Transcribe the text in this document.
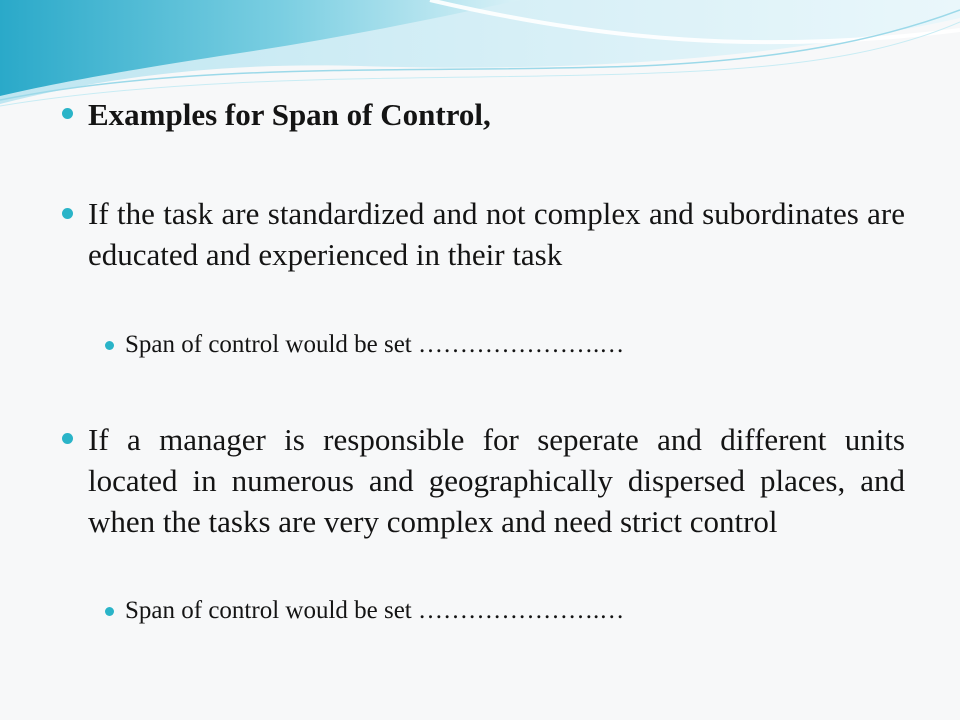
Examples for Span of Control,

If the task are standardized and not complex and subordinates are educated and experienced in their task

Span of control would be set ………………….…

If a manager is responsible for seperate and different units located in numerous and geographically dispersed places, and when the tasks are very complex and need strict control

Span of control would be set ………………….…
